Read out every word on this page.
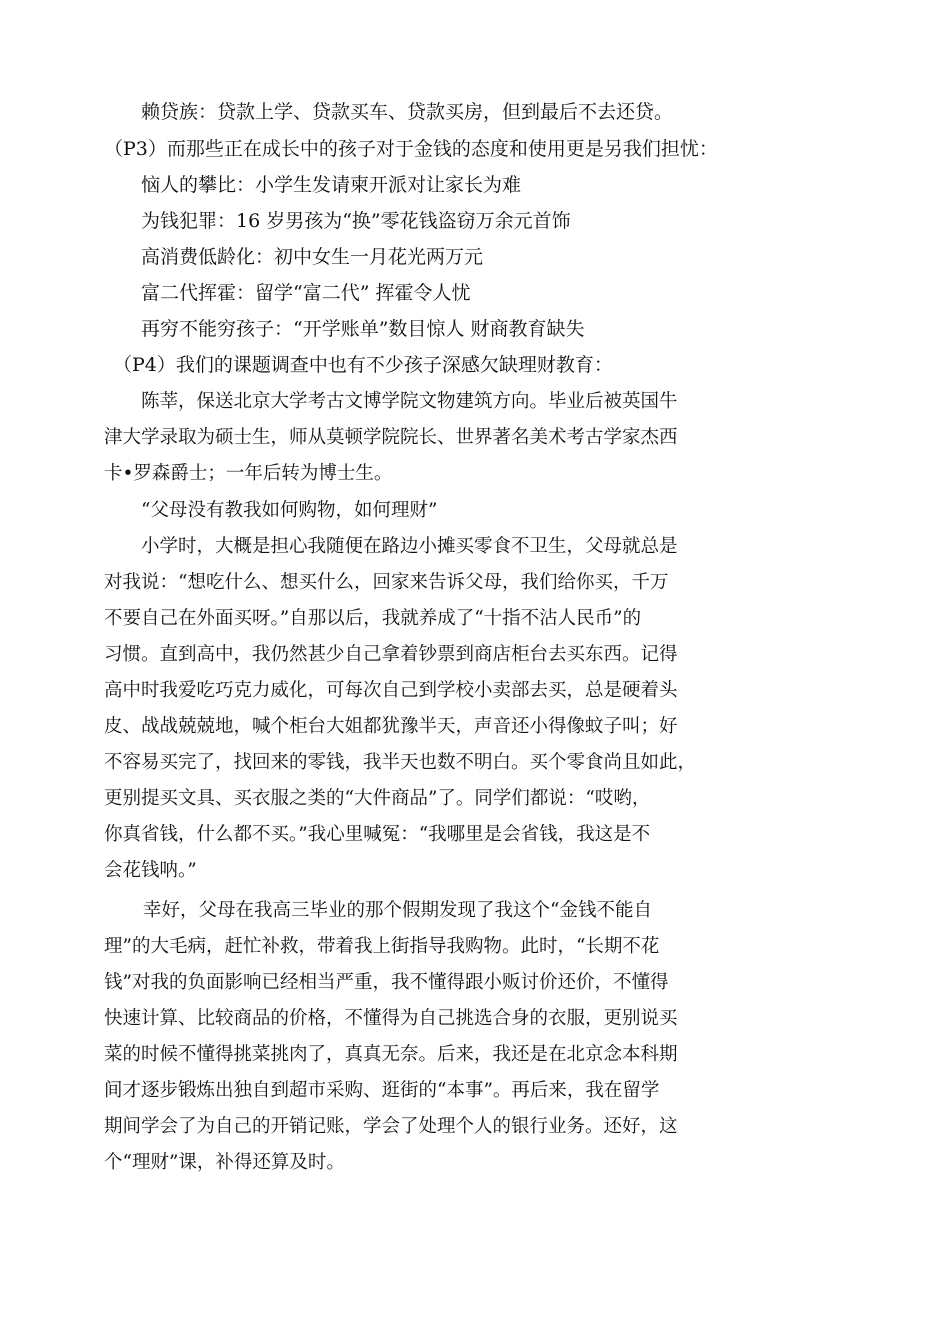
赖贷族：贷款上学、贷款买车、贷款买房，但到最后不去还贷。
（P3）而那些正在成长中的孩子对于金钱的态度和使用更是另我们担忧：
恼人的攀比：小学生发请柬开派对让家长为难
为钱犯罪：16 岁男孩为“换”零花钱盗窃万余元首饰
高消费低龄化：初中女生一月花光两万元
富二代挥霍：留学“富二代” 挥霍令人忧
再穷不能穷孩子：“开学账单”数目惊人 财商教育缺失
（P4）我们的课题调查中也有不少孩子深感欠缺理财教育：
陈莘，保送北京大学考古文博学院文物建筑方向。毕业后被英国牛
津大学录取为硕士生，师从莫顿学院院长、世界著名美术考古学家杰西
卡•罗森爵士；一年后转为博士生。
“父母没有教我如何购物，如何理财”
小学时，大概是担心我随便在路边小摊买零食不卫生，父母就总是
对我说：“想吃什么、想买什么，回家来告诉父母，我们给你买，千万
不要自己在外面买呀。”自那以后，我就养成了“十指不沾人民币”的
习惯。直到高中，我仍然甚少自己拿着钞票到商店柜台去买东西。记得
高中时我爱吃巧克力威化，可每次自己到学校小卖部去买，总是硬着头
皮、战战兢兢地，喊个柜台大姐都犹豫半天，声音还小得像蚊子叫；好
不容易买完了，找回来的零钱，我半天也数不明白。买个零食尚且如此，
更别提买文具、买衣服之类的“大件商品”了。同学们都说：“哎哟，
你真省钱，什么都不买。”我心里喊冤：“我哪里是会省钱，我这是不
会花钱呐。”
幸好，父母在我高三毕业的那个假期发现了我这个“金钱不能自
理”的大毛病，赶忙补救，带着我上街指导我购物。此时，“长期不花
钱”对我的负面影响已经相当严重，我不懂得跟小贩讨价还价，不懂得
快速计算、比较商品的价格，不懂得为自己挑选合身的衣服，更别说买
菜的时候不懂得挑菜挑肉了，真真无奈。后来，我还是在北京念本科期
间才逐步锻炼出独自到超市采购、逛街的“本事”。再后来，我在留学
期间学会了为自己的开销记账，学会了处理个人的银行业务。还好，这
个“理财”课，补得还算及时。
